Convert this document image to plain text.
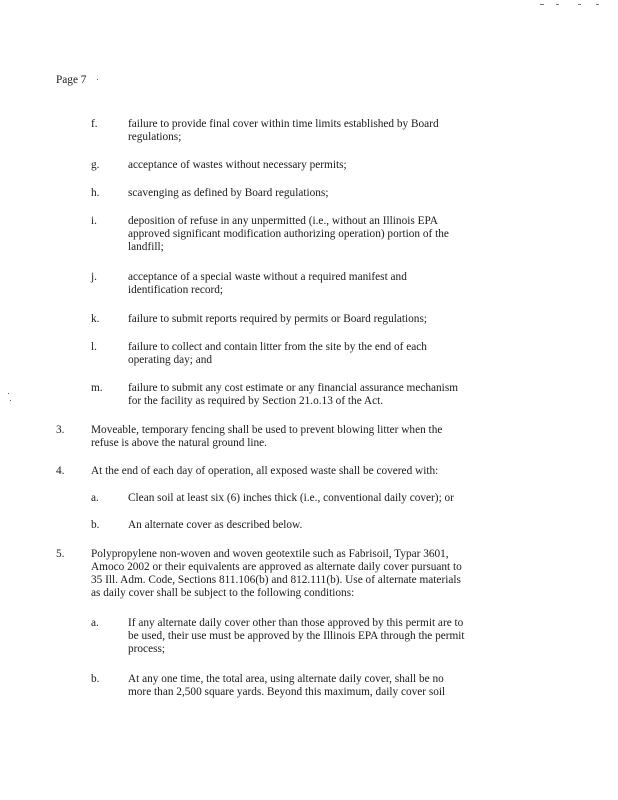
Page 7
f.	failure to provide final cover within time limits established by Board
regulations;
g.	acceptance of wastes without necessary permits;
h.	scavenging as defined by Board regulations;
i.	deposition of refuse in any unpermitted (i.e., without an Illinois EPA
approved significant modification authorizing operation) portion of the
landfill;
j.	acceptance of a special waste without a required manifest and
identification record;
k.	failure to submit reports required by permits or Board regulations;
l.	failure to collect and contain litter from the site by the end of each
operating day; and
m. failure to submit any cost estimate or any financial assurance mechanism
for the facility as required by Section 21.o.13 of the Act.
3. Moveable, temporary fencing shall be used to prevent blowing litter when the
refuse is above the natural ground line.
4. At the end of each day of operation, all exposed waste shall be covered with:
a.	Clean soil at least six (6) inches thick (i.e., conventional daily cover); or
b.	An alternate cover as described below.
5. Polypropylene non-woven and woven geotextile such as Fabrisoil, Typar 3601,
Amoco 2002 or their equivalents are approved as alternate daily cover pursuant to
35 Ill. Adm. Code, Sections 811.106(b) and 812.111(b). Use of alternate materials
as daily cover shall be subject to the following conditions:
a.	If any alternate daily cover other than those approved by this permit are to
be used, their use must be approved by the Illinois EPA through the permit
process;
b.	At any one time, the total area, using alternate daily cover, shall be no
more than 2,500 square yards. Beyond this maximum, daily cover soil
